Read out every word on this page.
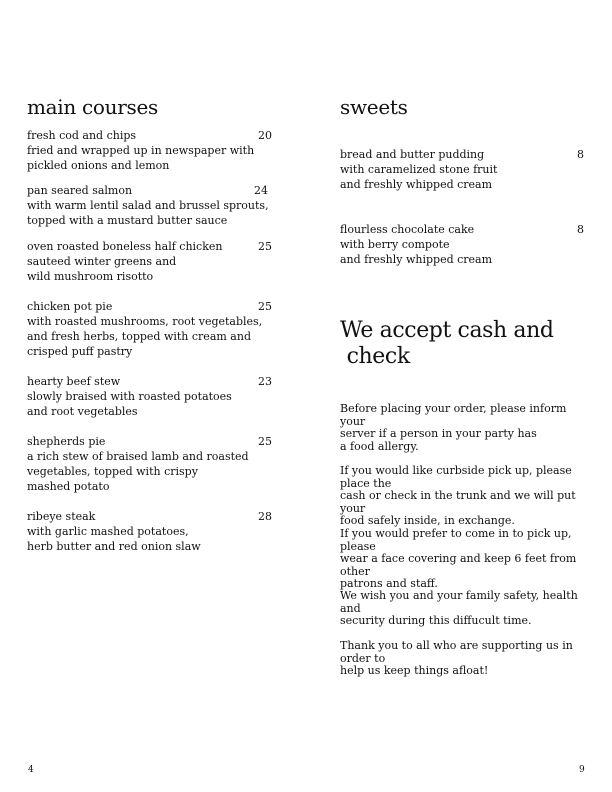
main courses
fresh cod and chips	20
fried and wrapped up in newspaper with
pickled onions and lemon
pan seared salmon	24
with warm lentil salad and brussel sprouts,
topped with a mustard butter sauce
oven roasted boneless half chicken	25
sauteed winter greens and
wild mushroom risotto
chicken pot pie	25
with roasted mushrooms, root vegetables,
and fresh herbs, topped with cream and
crisped puff pastry
hearty beef stew	23
slowly braised with roasted potatoes
and root vegetables
shepherds pie	25
a rich stew of braised lamb and roasted
vegetables, topped with crispy
mashed potato
ribeye steak	28
with garlic mashed potatoes,
herb butter and red onion slaw
4
sweets
bread and butter pudding	8
with caramelized stone fruit
and freshly whipped cream
flourless chocolate cake	8
with berry compote
and freshly whipped cream
We accept cash and
check
Before placing your order, please inform your
server if a person in your party has
a food allergy.
If you would like curbside pick up, please place the
cash or check in the trunk and we will put your
food safely inside, in exchange.
If you would prefer to come in to pick up, please
wear a face covering and keep 6 feet from other
patrons and staff.
We wish you and your family safety, health and
security during this diffucult time.
Thank you to all who are supporting us in order to
help us keep things afloat!
9
